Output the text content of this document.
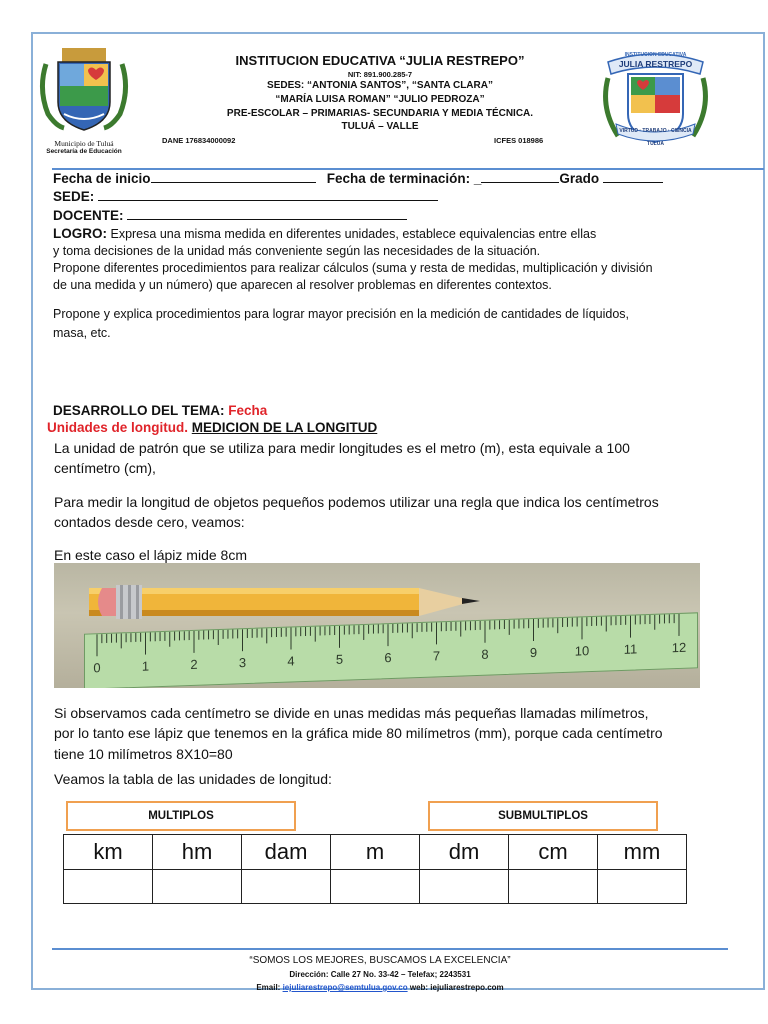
Municipio de Tuluá
Secretaría de Educación
INSTITUCION EDUCATIVA “JULIA RESTREPO”
NIT: 891.900.285-7
SEDES: “ANTONIA SANTOS”, “SANTA CLARA”
“MARÍA LUISA ROMAN” “JULIO PEDROZA”
PRE-ESCOLAR – PRIMARIAS- SECUNDARIA Y MEDIA TÉCNICA.
TULUÁ – VALLE
DANE 176834000092	ICFES 018986
INSTITUCION EDUCATIVA
JULIA RESTREPO
VIRTUD · TRABAJO · CIENCIA
TULUA
Fecha de inicio	Fecha de terminación: _	Grado
SEDE:
DOCENTE:
LOGRO: Expresa una misma medida en diferentes unidades, establece equivalencias entre ellas
y toma decisiones de la unidad más conveniente según las necesidades de la situación.
Propone diferentes procedimientos para realizar cálculos (suma y resta de medidas, multiplicación y división
de una medida y un número) que aparecen al resolver problemas en diferentes contextos.
Propone y explica procedimientos para lograr mayor precisión en la medición de cantidades de líquidos,
masa, etc.
DESARROLLO DEL TEMA: Fecha
Unidades de longitud. MEDICION DE LA LONGITUD
La unidad de patrón que se utiliza para medir longitudes es el metro (m), esta equivale a 100
centímetro (cm),
Para medir la longitud de objetos pequeños podemos utilizar una regla que indica los centímetros
contados desde cero, veamos:
En este caso el lápiz mide 8cm
0	1	2	3	4	5	6	7	8	9	10	11	12
Si observamos cada centímetro se divide en unas medidas más pequeñas llamadas milímetros,
por lo tanto ese lápiz que tenemos en la gráfica mide 80 milímetros (mm), porque cada centímetro
tiene 10 milímetros 8X10=80
Veamos la tabla de las unidades de longitud:
MULTIPLOS	SUBMULTIPLOS
km	hm	dam	m	dm	cm	mm

“SOMOS LOS MEJORES, BUSCAMOS LA EXCELENCIA”
Dirección: Calle 27 No. 33-42 – Telefax; 2243531
Email: iejuliarestrepo@semtulua.gov.co web: iejuliarestrepo.com
